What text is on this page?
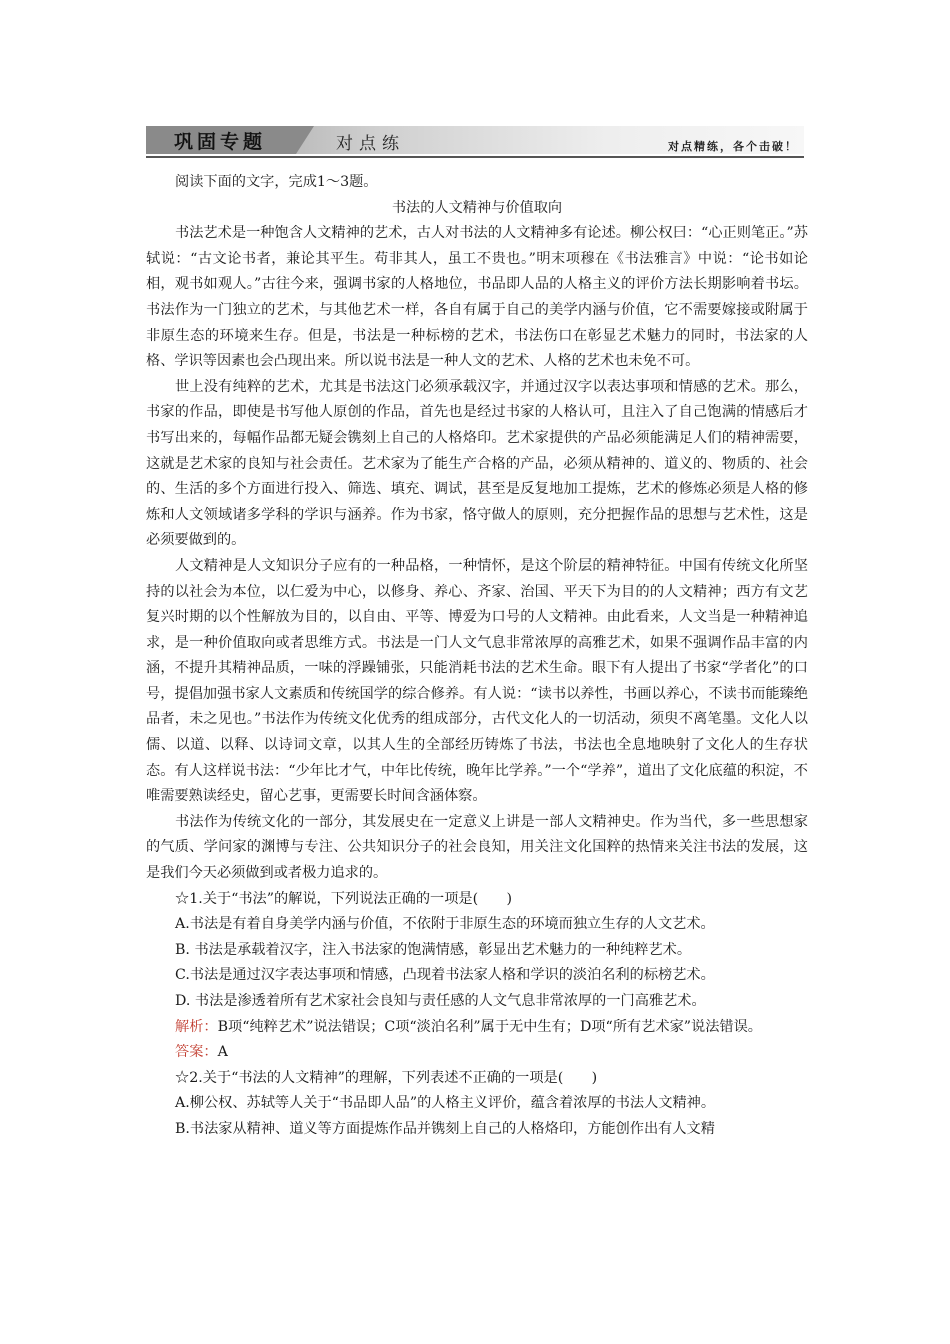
巩固专题	对点练	对点精练，各个击破！

阅读下面的文字，完成1～3题。

书法的人文精神与价值取向

书法艺术是一种饱含人文精神的艺术，古人对书法的人文精神多有论述。柳公权曰：“心正则笔正。”苏轼说：“古文论书者，兼论其平生。苟非其人，虽工不贵也。”明末项穆在《书法雅言》中说：“论书如论相，观书如观人。”古往今来，强调书家的人格地位，书品即人品的人格主义的评价方法长期影响着书坛。书法作为一门独立的艺术，与其他艺术一样，各自有属于自己的美学内涵与价值，它不需要嫁接或附属于非原生态的环境来生存。但是，书法是一种标榜的艺术，书法伤口在彰显艺术魅力的同时，书法家的人格、学识等因素也会凸现出来。所以说书法是一种人文的艺术、人格的艺术也未免不可。

世上没有纯粹的艺术，尤其是书法这门必须承载汉字，并通过汉字以表达事项和情感的艺术。那么，书家的作品，即使是书写他人原创的作品，首先也是经过书家的人格认可，且注入了自己饱满的情感后才书写出来的，每幅作品都无疑会镌刻上自己的人格烙印。艺术家提供的产品必须能满足人们的精神需要，这就是艺术家的良知与社会责任。艺术家为了能生产合格的产品，必须从精神的、道义的、物质的、社会的、生活的多个方面进行投入、筛选、填充、调试，甚至是反复地加工提炼，艺术的修炼必须是人格的修炼和人文领域诸多学科的学识与涵养。作为书家，恪守做人的原则，充分把握作品的思想与艺术性，这是必须要做到的。

人文精神是人文知识分子应有的一种品格，一种情怀，是这个阶层的精神特征。中国有传统文化所坚持的以社会为本位，以仁爱为中心，以修身、养心、齐家、治国、平天下为目的的人文精神；西方有文艺复兴时期的以个性解放为目的，以自由、平等、博爱为口号的人文精神。由此看来，人文当是一种精神追求，是一种价值取向或者思维方式。书法是一门人文气息非常浓厚的高雅艺术，如果不强调作品丰富的内涵，不提升其精神品质，一味的浮躁铺张，只能消耗书法的艺术生命。眼下有人提出了书家“学者化”的口号，提倡加强书家人文素质和传统国学的综合修养。有人说：“读书以养性，书画以养心，不读书而能臻绝品者，未之见也。”书法作为传统文化优秀的组成部分，古代文化人的一切活动，须臾不离笔墨。文化人以儒、以道、以释、以诗词文章，以其人生的全部经历铸炼了书法，书法也全息地映射了文化人的生存状态。有人这样说书法：“少年比才气，中年比传统，晚年比学养。”一个“学养”，道出了文化底蕴的积淀，不唯需要熟读经史，留心艺事，更需要长时间含涵体察。

书法作为传统文化的一部分，其发展史在一定意义上讲是一部人文精神史。作为当代，多一些思想家的气质、学问家的渊博与专注、公共知识分子的社会良知，用关注文化国粹的热情来关注书法的发展，这是我们今天必须做到或者极力追求的。

☆1.关于“书法”的解说，下列说法正确的一项是(　　)

A.书法是有着自身美学内涵与价值，不依附于非原生态的环境而独立生存的人文艺术。

B. 书法是承载着汉字，注入书法家的饱满情感，彰显出艺术魅力的一种纯粹艺术。

C.书法是通过汉字表达事项和情感，凸现着书法家人格和学识的淡泊名利的标榜艺术。

D. 书法是渗透着所有艺术家社会良知与责任感的人文气息非常浓厚的一门高雅艺术。

解析：B项“纯粹艺术”说法错误；C项“淡泊名利”属于无中生有；D项“所有艺术家”说法错误。

答案：A

☆2.关于“书法的人文精神”的理解，下列表述不正确的一项是(　　)

A.柳公权、苏轼等人关于“书品即人品”的人格主义评价，蕴含着浓厚的书法人文精神。

B.书法家从精神、道义等方面提炼作品并镌刻上自己的人格烙印，方能创作出有人文精
